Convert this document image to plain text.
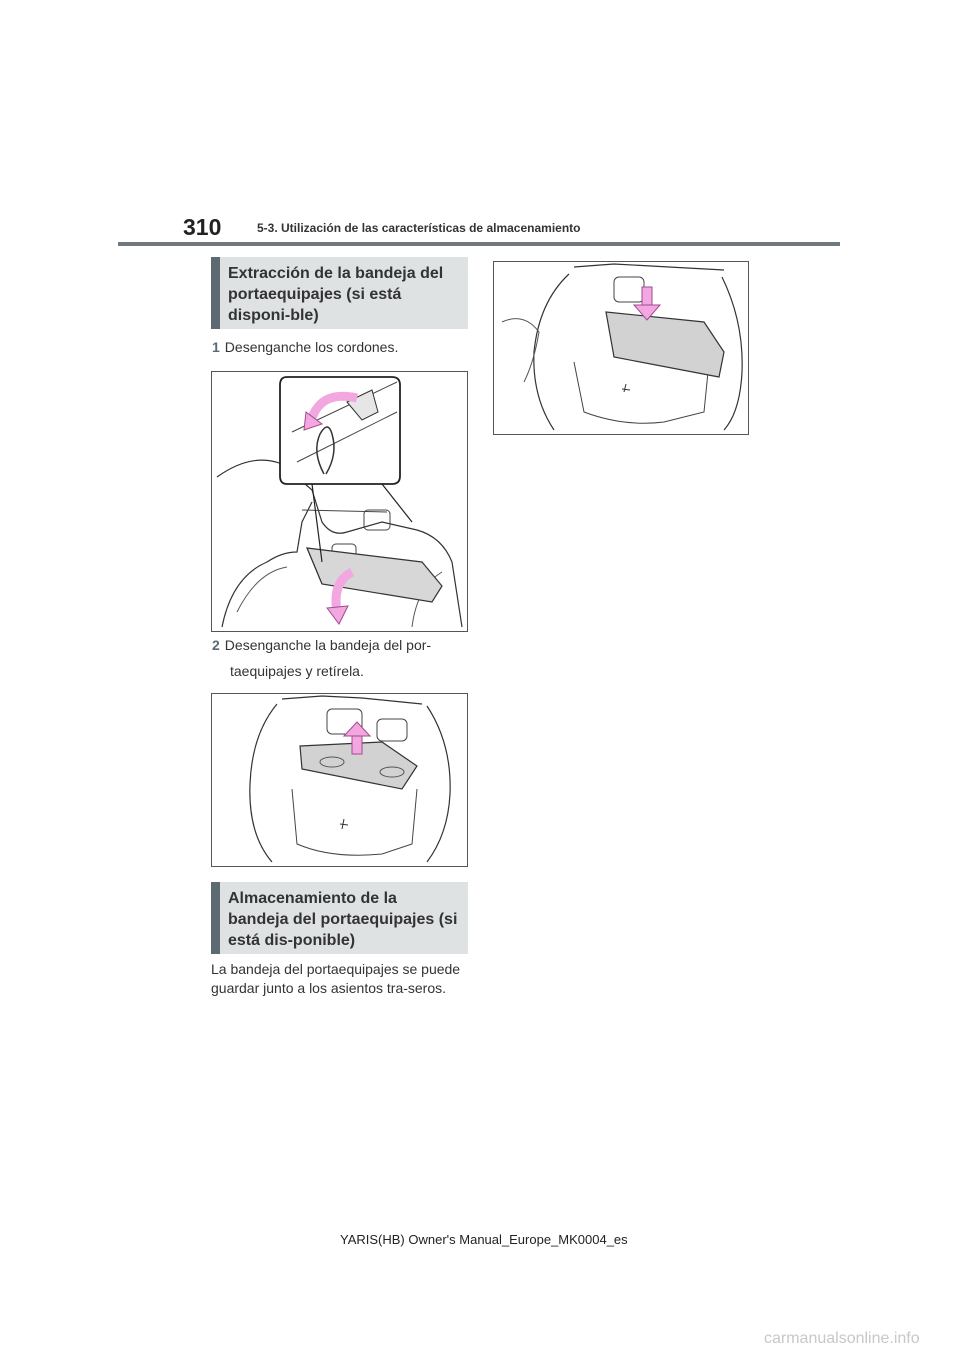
310	5-3. Utilización de las características de almacenamiento
Extracción de la bandeja del portaequipajes (si está disponi-ble)
1 Desenganche los cordones.
2 Desenganche la bandeja del por-
taequipajes y retírela.
Almacenamiento de la bandeja del portaequipajes (si está dis-ponible)
La bandeja del portaequipajes se puede guardar junto a los asientos tra-seros.
YARIS(HB) Owner's Manual_Europe_MK0004_es
carmanualsonline.info
